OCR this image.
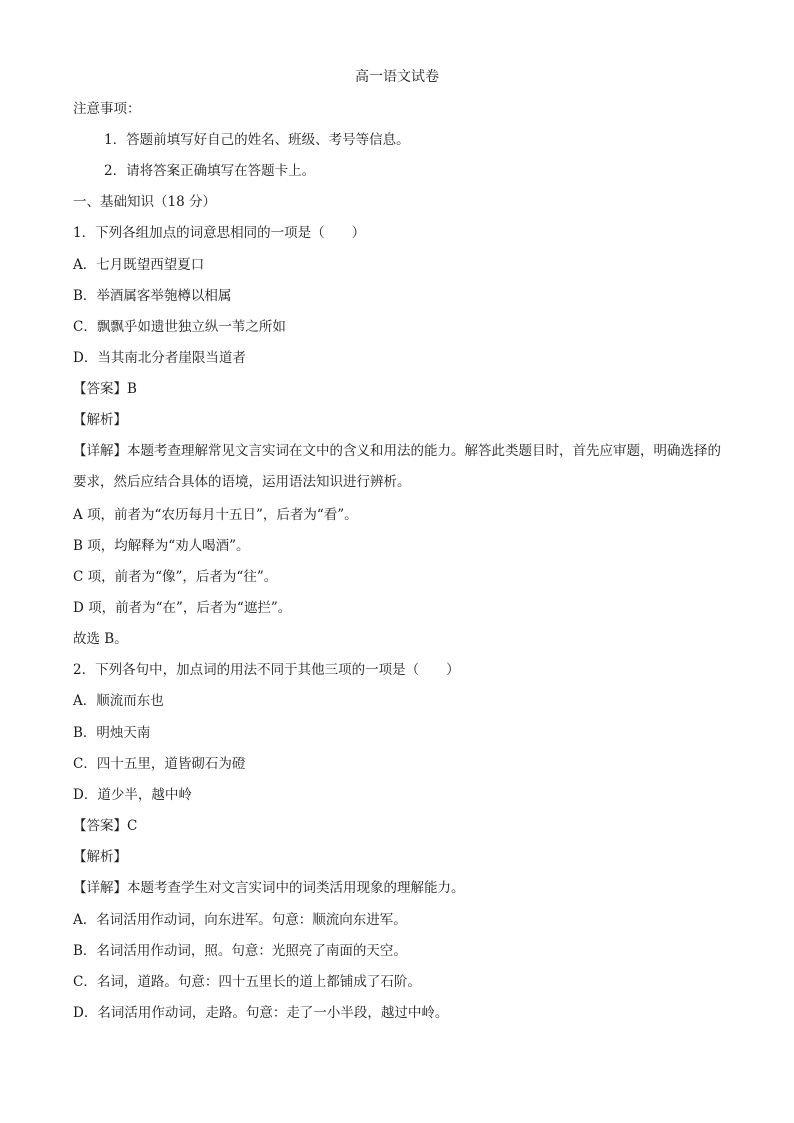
高一语文试卷
注意事项：
1．答题前填写好自己的姓名、班级、考号等信息。
2．请将答案正确填写在答题卡上。
一、基础知识（18 分）
1．下列各组加点的词意思相同的一项是（　　）
A．七月既望西望夏口
B．举酒属客举匏樽以相属
C．飘飘乎如遗世独立纵一苇之所如
D．当其南北分者崖限当道者
【答案】B
【解析】
【详解】本题考查理解常见文言实词在文中的含义和用法的能力。解答此类题目时，首先应审题，明确选择的要求，然后应结合具体的语境，运用语法知识进行辨析。
A 项，前者为“农历每月十五日”，后者为“看”。
B 项，均解释为“劝人喝酒”。
C 项，前者为“像”，后者为“往”。
D 项，前者为“在”，后者为“遮拦”。
故选 B。
2．下列各句中，加点词的用法不同于其他三项的一项是（　　）
A．顺流而东也
B．明烛天南
C．四十五里，道皆砌石为磴
D．道少半，越中岭
【答案】C
【解析】
【详解】本题考查学生对文言实词中的词类活用现象的理解能力。
A．名词活用作动词，向东进军。句意：顺流向东进军。
B．名词活用作动词，照。句意：光照亮了南面的天空。
C．名词，道路。句意：四十五里长的道上都铺成了石阶。
D．名词活用作动词，走路。句意：走了一小半段，越过中岭。
